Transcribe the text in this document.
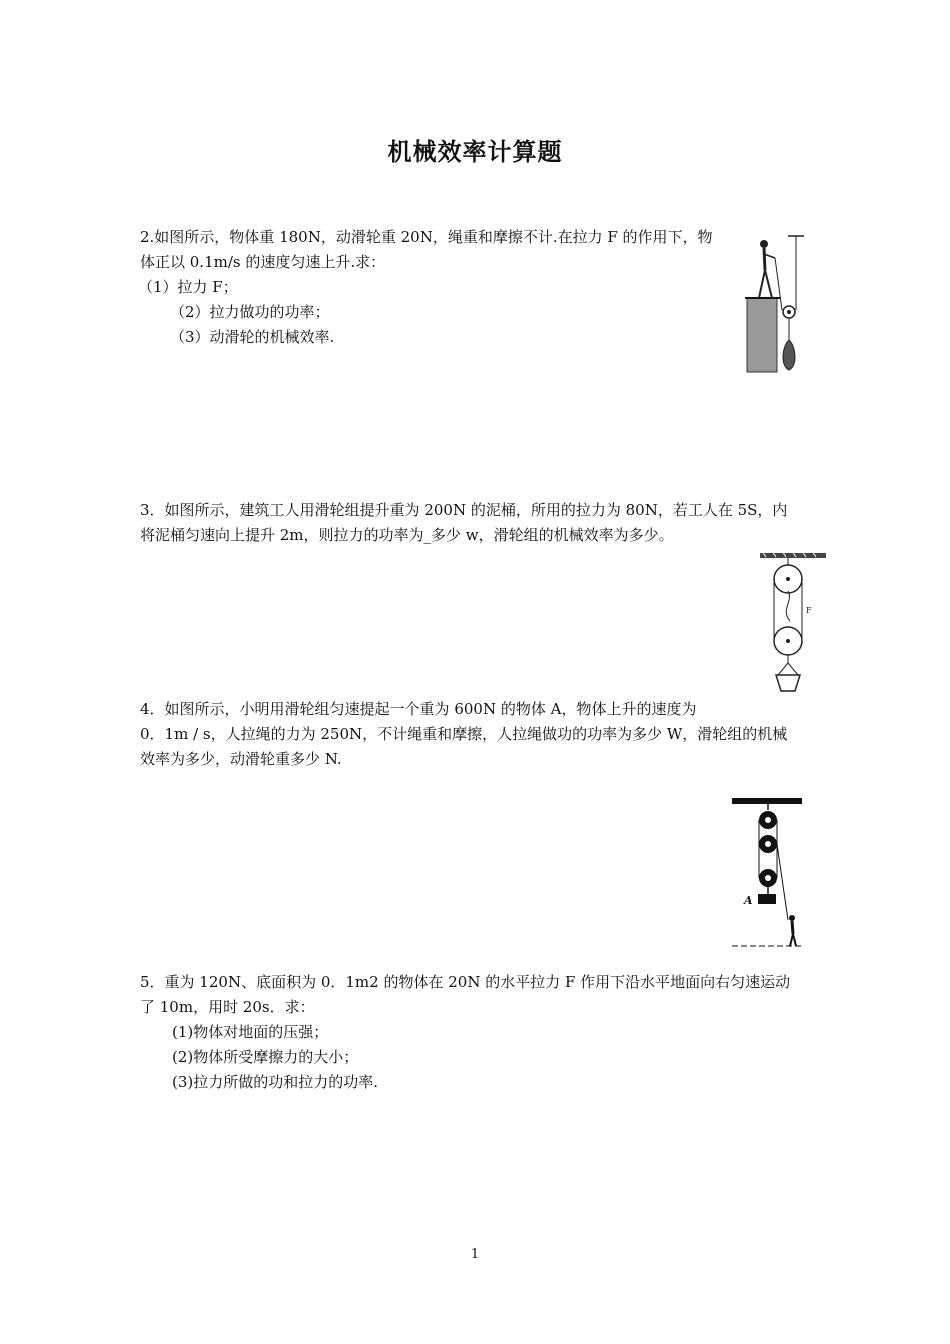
机械效率计算题
2.如图所示，物体重 180N，动滑轮重 20N，绳重和摩擦不计.在拉力 F 的作用下，物
体正以 0.1m/s 的速度匀速上升.求：
（1）拉力 F；
（2）拉力做功的功率；
（3）动滑轮的机械效率.
3．如图所示，建筑工人用滑轮组提升重为 200N 的泥桶，所用的拉力为 80N，若工人在 5S，内
将泥桶匀速向上提升 2m，则拉力的功率为_多少 w，滑轮组的机械效率为多少。
F
4．如图所示，小明用滑轮组匀速提起一个重为 600N 的物体 A，物体上升的速度为
0．1m / s，人拉绳的力为 250N，不计绳重和摩擦，人拉绳做功的功率为多少 W，滑轮组的机械
效率为多少，动滑轮重多少 N.
A
5．重为 120N、底面积为 0．1m2 的物体在 20N 的水平拉力 F 作用下沿水平地面向右匀速运动
了 10m，用时 20s．求：
(1)物体对地面的压强；
(2)物体所受摩擦力的大小；
(3)拉力所做的功和拉力的功率.
1
